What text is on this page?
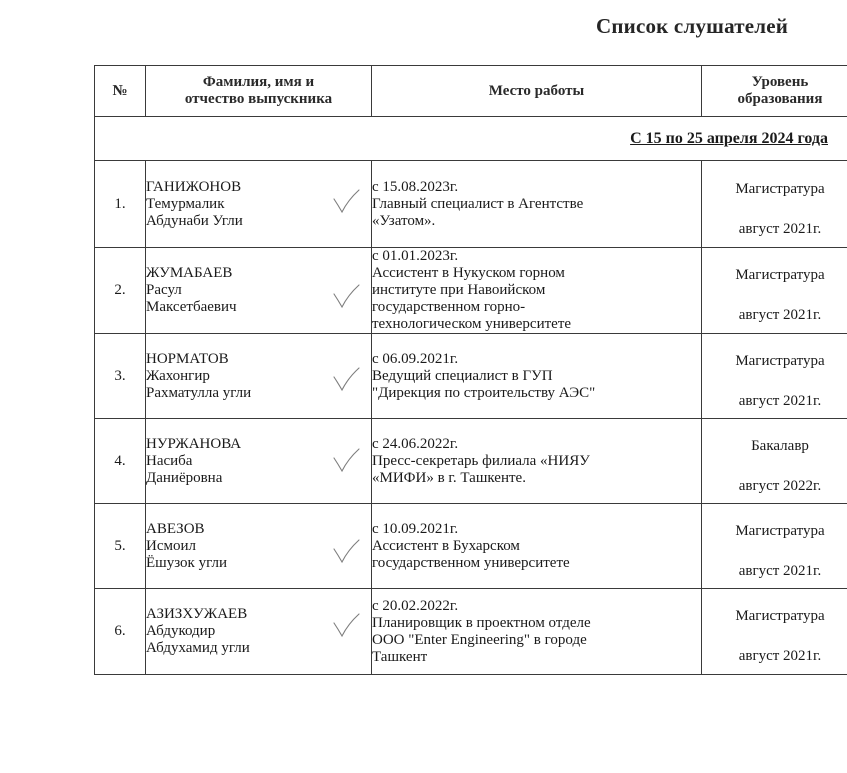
Список слушателей
№	Фамилия, имя и
отчество выпускника	Место работы	Уровень
образования

С 15 по 25 апреля 2024 года			
1.	ГАНИЖОНОВ
Темурмалик
Абдунаби Угли	с 15.08.2023г.
Главный специалист в Агентстве
«Узатом».	Магистратура
август 2021г.

2.	ЖУМАБАЕВ
Расул
Максетбаевич	с 01.01.2023г.
Ассистент в Нукуском горном
институте при Навоийском
государственном горно-
технологическом университете	Магистратура
август 2021г.

3.	НОРМАТОВ
Жахонгир
Рахматулла угли	с 06.09.2021г.
Ведущий специалист в ГУП
"Дирекция по строительству АЭС"	Магистратура
август 2021г.

4.	НУРЖАНОВА
Насиба
Даниёровна	с 24.06.2022г.
Пресс-секретарь филиала «НИЯУ
«МИФИ» в г. Ташкенте.	Бакалавр
август 2022г.

5.	АВЕЗОВ
Исмоил
Ёшузок угли	с 10.09.2021г.
Ассистент в Бухарском
государственном университете	Магистратура
август 2021г.

6.	АЗИЗХУЖАЕВ
Абдукодир
Абдухамид угли	с 20.02.2022г.
Планировщик в проектном отделе
ООО "Enter Engineering" в городе
Ташкент	Магистратура
август 2021г.
